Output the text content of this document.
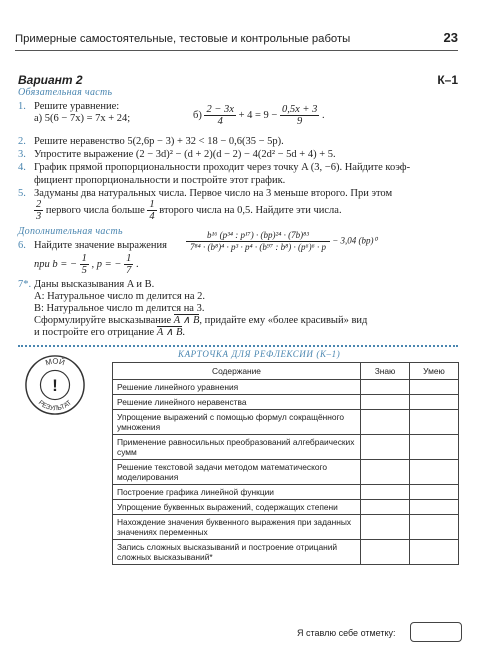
Примерные самостоятельные, тестовые и контрольные работы	23
Вариант 2	К–1
Обязательная часть
1. Решите уравнение:
а) 5(6 − 7x) = 7x + 24;	$б) \frac{2 - 3x}{4} + 4 = 9 - \frac{0,5x + 3}{9}$ .
2. Решите неравенство 5(2,6p − 3) + 32 < 18 − 0,6(35 − 5p).
3. Упростите выражение (2 − 3d)² − (d + 2)(d − 2) − 4(2d² − 5d + 4) + 5.
4. График прямой пропорциональности проходит через точку A (3, −6). Найдите коэф-
фициент пропорциональности и постройте этот график.
5. Задуманы два натуральных числа. Первое число на 3 меньше второго. При этом
$\frac{2}{3}$ первого числа больше $\frac{1}{4}$ второго числа на 0,5. Найдите эти числа.
Дополнительная часть
6. Найдите значение выражения $\frac{\text{b¹⁶ (p³⁴ : p¹⁷) · (bp)²⁴ · (7b)⁸³}}{\text{7⁸⁴ · (b⁸)⁴ · p³ · p⁴ · (b⁹⁷ : b⁸) · (p⁶)⁶ · p}} - 3,04$ (bp)⁰
при b = − $\frac{1}{5}$ , p = − $\frac{1}{7}$ .
7*. Даны высказывания A и B.
A: Натуральное число m делится на 2.
B: Натуральное число m делится на 3.
Сформулируйте высказывание A ∧ B, придайте ему «более красивый» вид
и постройте его отрицание A ∧ B.
КАРТОЧКА ДЛЯ РЕФЛЕКСИИ (К–1)
МОЙ
РЕЗУЛЬТАТ
!
Содержание	Знаю	Умею
Решение линейного уравнения		
Решение линейного неравенства		
Упрощение выражений с помощью формул сокращённого умножения		
Применение равносильных преобразований алгебраических сумм		
Решение текстовой задачи методом математического моделирования		
Построение графика линейной функции		
Упрощение буквенных выражений, содержащих степени		
Нахождение значения буквенного выражения при заданных значениях переменных		
Запись сложных высказываний и построение отрицаний сложных высказываний*		
Я ставлю себе отметку:
